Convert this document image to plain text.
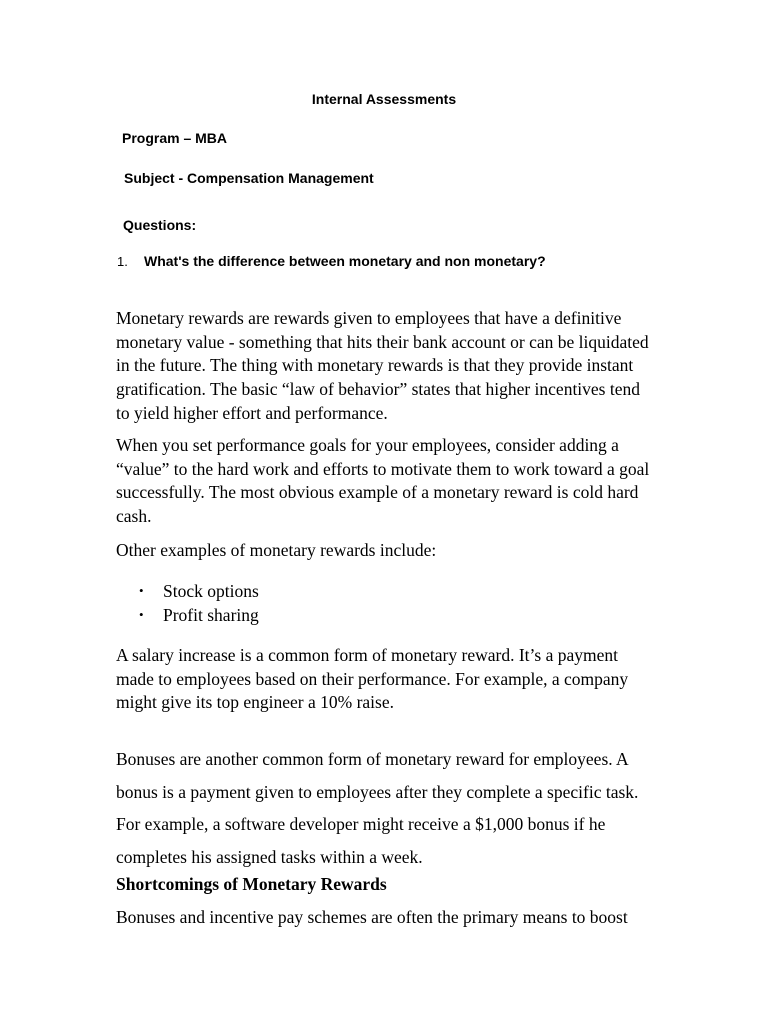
Internal Assessments
Program – MBA
Subject - Compensation Management
Questions:
1. What's the difference between monetary and non monetary?

Monetary rewards are rewards given to employees that have a definitive monetary value - something that hits their bank account or can be liquidated in the future. The thing with monetary rewards is that they provide instant gratification. The basic “law of behavior” states that higher incentives tend to yield higher effort and performance.

When you set performance goals for your employees, consider adding a “value” to the hard work and efforts to motivate them to work toward a goal successfully. The most obvious example of a monetary reward is cold hard cash.

Other examples of monetary rewards include:

• Stock options
• Profit sharing

A salary increase is a common form of monetary reward. It’s a payment made to employees based on their performance. For example, a company might give its top engineer a 10% raise.

Bonuses are another common form of monetary reward for employees. A bonus is a payment given to employees after they complete a specific task. For example, a software developer might receive a $1,000 bonus if he completes his assigned tasks within a week.

Shortcomings of Monetary Rewards

Bonuses and incentive pay schemes are often the primary means to boost
